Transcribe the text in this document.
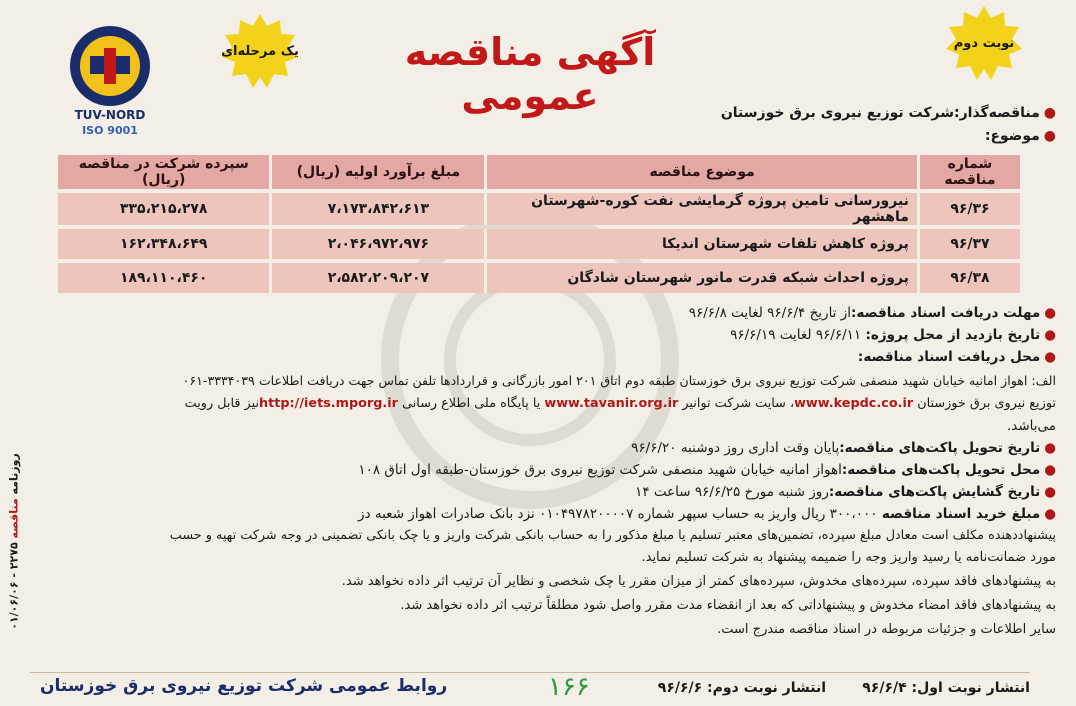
TUV-NORD
ISO 9001
یک مرحله‌ای
نوبت دوم
آگهی مناقصه عمومی	●مناقصه‌گذار:شرکت توزیع نیروی برق خوزستان
●موضوع:
شماره مناقصه	موضوع مناقصه	مبلغ برآورد اولیه (ریال)	سپرده شرکت در مناقصه (ریال)
۹۶/۳۶	نیرورسانی تامین پروژه گرمایشی نفت کوره-شهرستان ماهشهر	۷،۱۷۳،۸۴۲،۶۱۳	۳۳۵،۲۱۵،۲۷۸
۹۶/۳۷	پروژه کاهش تلفات شهرستان اندیکا	۲،۰۴۶،۹۷۲،۹۷۶	۱۶۲،۳۴۸،۶۴۹
۹۶/۳۸	پروژه احداث شبکه قدرت مانور شهرستان شادگان	۲،۵۸۲،۲۰۹،۲۰۷	۱۸۹،۱۱۰،۴۶۰
●مهلت دریافت اسناد مناقصه:از تاریخ ۹۶/۶/۴ لغایت ۹۶/۶/۸
●تاریخ بازدید از محل پروژه: ۹۶/۶/۱۱ لغایت ۹۶/۶/۱۹
●محل دریافت اسناد مناقصه:
الف: اهواز امانیه خیابان شهید منصفی شرکت توزیع نیروی برق خوزستان طبقه دوم اتاق ۲۰۱ امور بازرگانی و قراردادها تلفن تماس جهت دریافت اطلاعات ۳۳۳۴۰۳۹-۰۶۱
توزیع نیروی برق خوزستان www.kepdc.co.ir، سایت شرکت توانیر www.tavanir.org.ir یا پایگاه ملی اطلاع رسانی http://iets.mporg.irنیز قابل رویت
می‌باشد.
●تاریخ تحویل پاکت‌های مناقصه:پایان وقت اداری روز دوشنبه ۹۶/۶/۲۰
●محل تحویل پاکت‌های مناقصه:اهواز امانیه خیابان شهید منصفی شرکت توزیع نیروی برق خوزستان-طبقه اول اتاق ۱۰۸
●تاریخ گشایش پاکت‌های مناقصه:روز شنبه مورخ ۹۶/۶/۲۵ ساعت ۱۴
●مبلغ خرید اسناد مناقصه ۳۰۰،۰۰۰ ریال واریز به حساب سپهر شماره ۰۱۰۴۹۷۸۲۰۰۰۰۷ نزد بانک صادرات اهواز شعبه دز
پیشنهاددهنده مکلف است معادل مبلغ سپرده، تضمین‌های معتبر تسلیم یا مبلغ مذکور را به حساب بانکی شرکت واریز و یا چک بانکی تضمینی در وجه شرکت تهیه و حسب
مورد ضمانت‌نامه یا رسید واریز وجه را ضمیمه پیشنهاد به شرکت تسلیم نماید.
به پیشنهادهای فاقد سپرده، سپرده‌های مخدوش، سپرده‌های کمتر از میزان مقرر یا چک شخصی و نظایر آن ترتیب اثر داده نخواهد شد.
به پیشنهادهای فاقد امضاء مخدوش و پیشنهاداتی که بعد از انقضاء مدت مقرر واصل شود مطلقاً ترتیب اثر داده نخواهد شد.
سایر اطلاعات و جزئیات مربوطه در اسناد مناقصه مندرج است.
انتشار نوبت اول: ۹۶/۶/۴
انتشار نوبت دوم: ۹۶/۶/۶
۱۶۶
روابط عمومی شرکت توزیع نیروی برق خوزستان
روزنامه مناقصه ۲۲۷۵ - ۰۱/۰۶/۰۶
